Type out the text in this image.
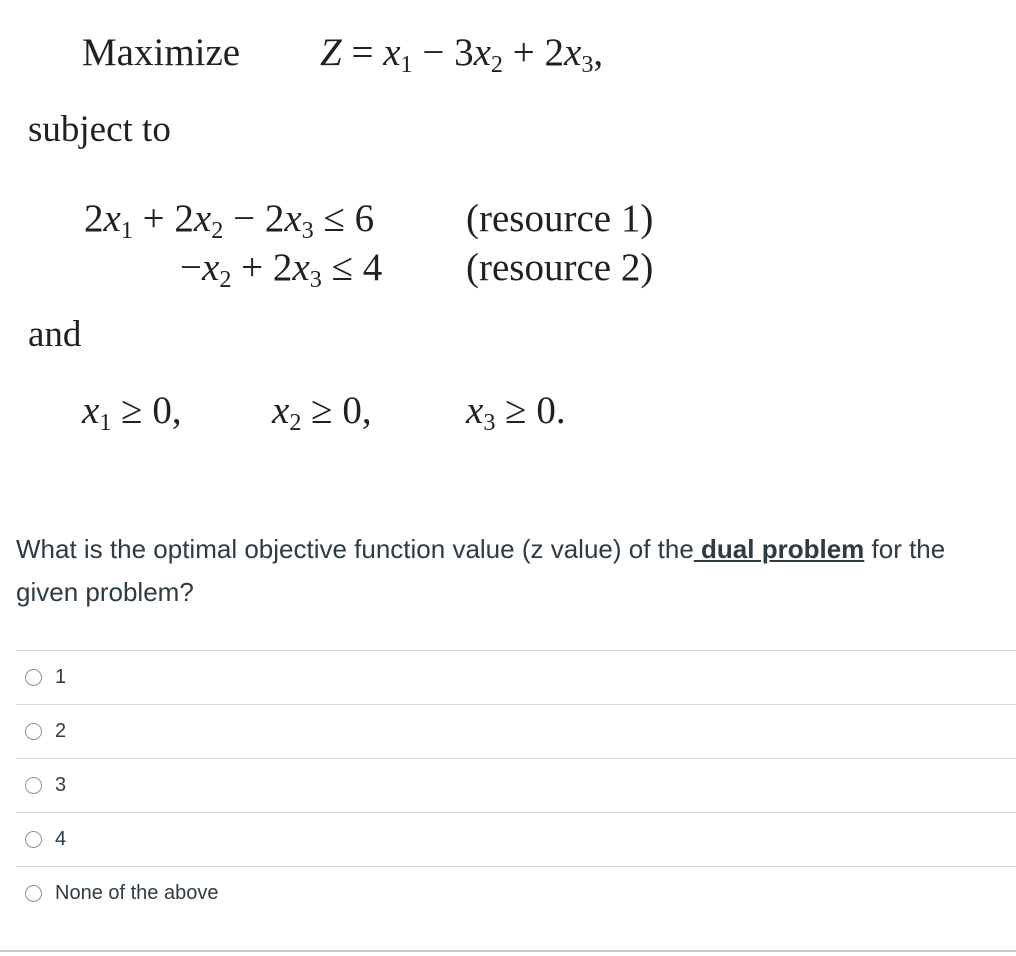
Maximize $Z = x_1 - 3x_2 + 2x_3$,
subject to
$2x_1 + 2x_2 - 2x_3 \le 6$ (resource 1)
$-x_2 + 2x_3 \le 4$ (resource 2)
and
$x_1 \ge 0$, $x_2 \ge 0$, $x_3 \ge 0$.
What is the optimal objective function value (z value) of the dual problem for the given problem?
1
2
3
4
None of the above
